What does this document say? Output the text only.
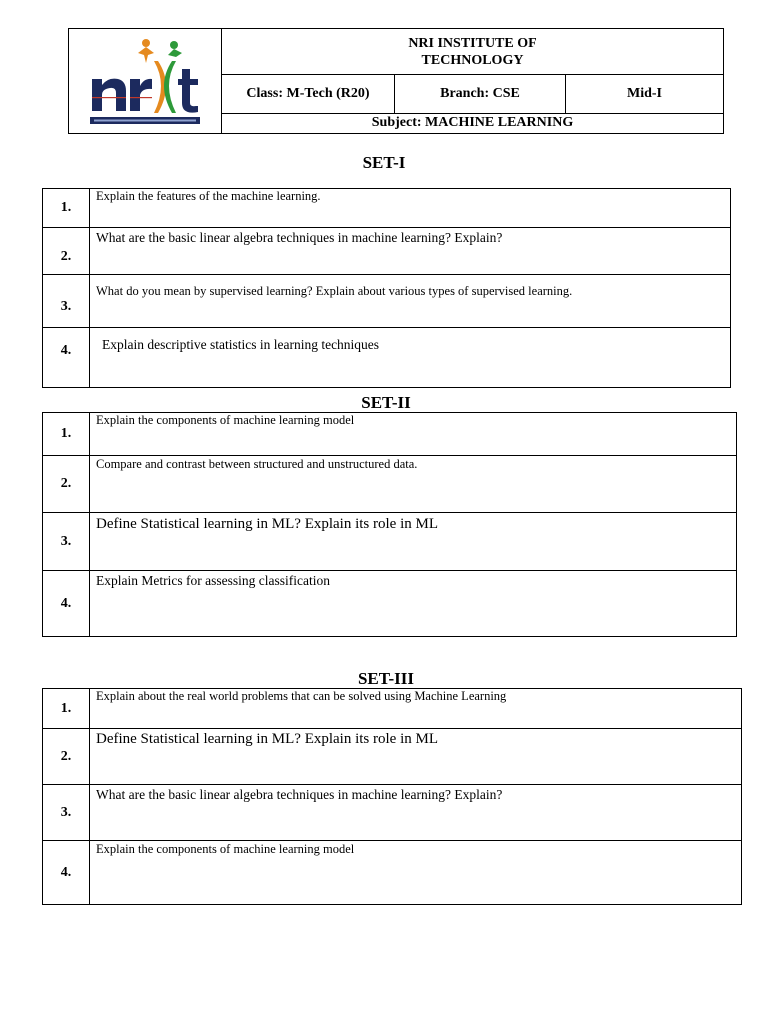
NRI INSTITUTE OF
TECHNOLOGY		

	Class: M-Tech (R20)	Branch: CSE	Mid-I
	Subject: MACHINE LEARNING		
SET-I
1.	Explain the features of the machine learning.
2.	What are the basic linear algebra techniques in machine learning? Explain?
3.	What do you mean by supervised learning? Explain about various types of supervised learning.
4.	Explain descriptive statistics in learning techniques
SET-II
1.	Explain the components of machine learning model
2.	Compare and contrast between structured and unstructured data.
3.	Define Statistical learning in ML? Explain its role in ML
4.	Explain Metrics for assessing classification
SET-III
1.	Explain about the real world problems that can be solved using Machine Learning
2.	Define Statistical learning in ML? Explain its role in ML
3.	What are the basic linear algebra techniques in machine learning? Explain?
4.	Explain the components of machine learning model
